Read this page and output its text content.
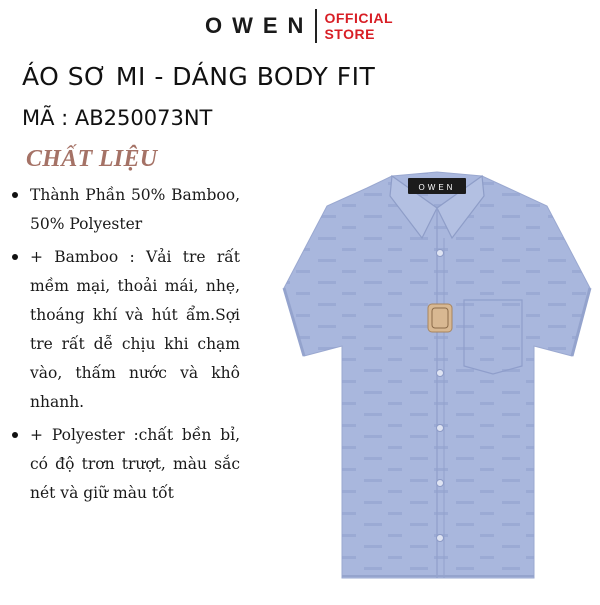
OWEN OFFICIAL
STORE
ÁO SƠ MI - DÁNG BODY FIT

MÃ : AB250073NT

CHẤT LIỆU
Thành Phần 50% Bamboo, 50% Polyester
+ Bamboo : Vải tre rất mềm mại, thoải mái, nhẹ, thoáng khí và hút ẩm.Sợi tre rất dễ chịu khi chạm vào, thấm nước và khô nhanh.
+ Polyester :chất bền bỉ, có độ trơn trượt, màu sắc nét và giữ màu tốt
OWEN
